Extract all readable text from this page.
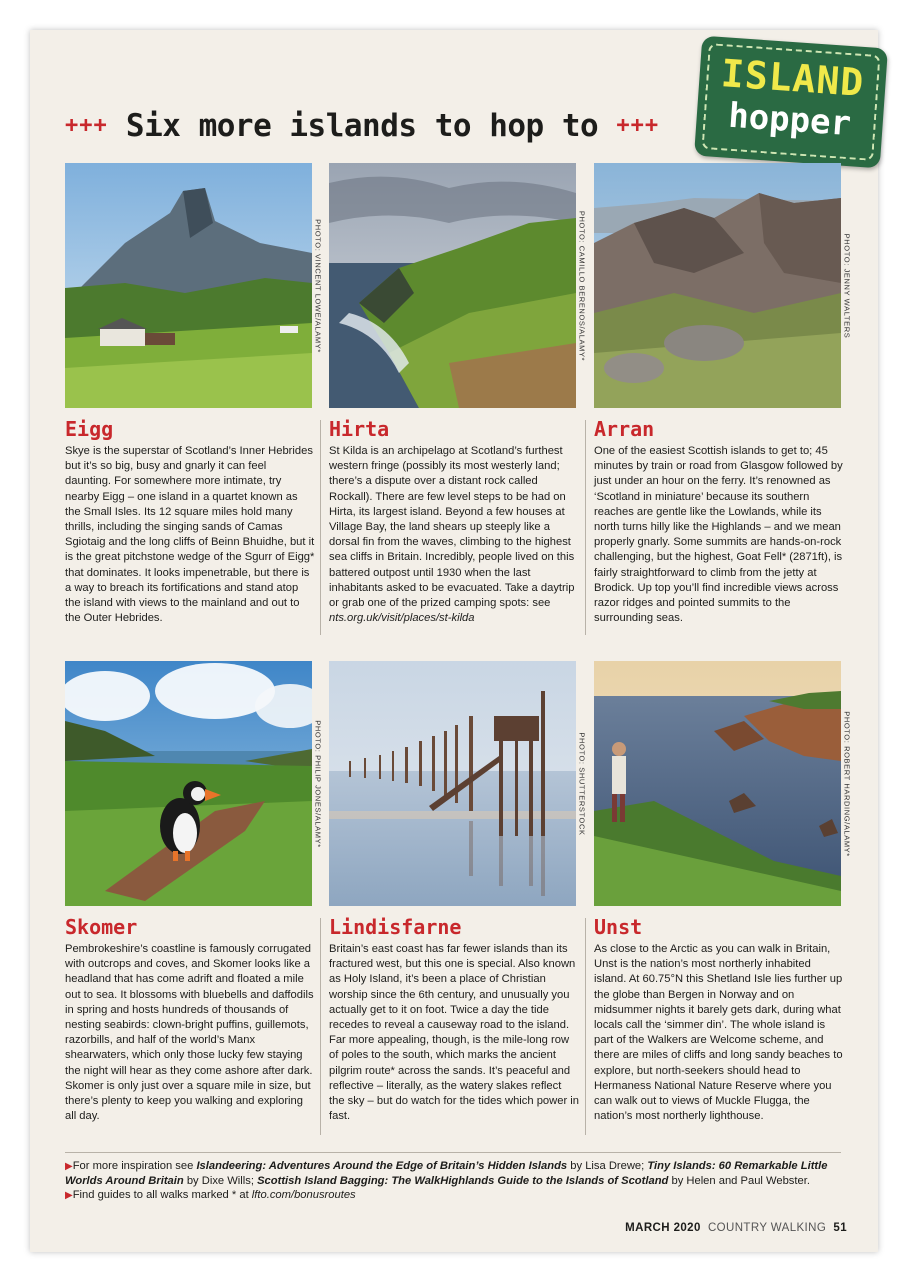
+++ Six more islands to hop to +++
ISLAND
hopper
PHOTO: VINCENT LOWE/ALAMY*	PHOTO: CAMILLO BERENOS/ALAMY*	PHOTO: JENNY WALTERS
Eigg

Skye is the superstar of Scotland’s Inner Hebrides but it’s so big, busy and gnarly it can feel daunting. For somewhere more intimate, try nearby Eigg – one island in a quartet known as the Small Isles. Its 12 square miles hold many thrills, including the singing sands of Camas Sgiotaig and the long cliffs of Beinn Bhuidhe, but it is the great pitchstone wedge of the Sgurr of Eigg* that dominates. It looks impenetrable, but there is a way to breach its fortifications and stand atop the island with views to the mainland and out to the Outer Hebrides.

Hirta

St Kilda is an archipelago at Scotland’s furthest western fringe (possibly its most westerly land; there’s a dispute over a distant rock called Rockall). There are few level steps to be had on Hirta, its largest island. Beyond a few houses at Village Bay, the land shears up steeply like a dorsal fin from the waves, climbing to the highest sea cliffs in Britain. Incredibly, people lived on this battered outpost until 1930 when the last inhabitants asked to be evacuated. Take a daytrip or grab one of the prized camping spots: see nts.org.uk/visit/places/st-kilda

Arran

One of the easiest Scottish islands to get to; 45 minutes by train or road from Glasgow followed by just under an hour on the ferry. It’s renowned as ‘Scotland in miniature’ because its southern reaches are gentle like the Lowlands, while its north turns hilly like the Highlands – and we mean properly gnarly. Some summits are hands-on-rock challenging, but the highest, Goat Fell* (2871ft), is fairly straightforward to climb from the jetty at Brodick. Up top you’ll find incredible views across razor ridges and pointed summits to the surrounding seas.

PHOTO: PHILIP JONES/ALAMY*	PHOTO: SHUTTERSTOCK	PHOTO: ROBERT HARDING/ALAMY*
Skomer

Pembrokeshire’s coastline is famously corrugated with outcrops and coves, and Skomer looks like a headland that has come adrift and floated a mile out to sea. It blossoms with bluebells and daffodils in spring and hosts hundreds of thousands of nesting seabirds: clown-bright puffins, guillemots, razorbills, and half of the world’s Manx shearwaters, which only those lucky few staying the night will hear as they come ashore after dark. Skomer is only just over a square mile in size, but there’s plenty to keep you walking and exploring all day.

Lindisfarne

Britain’s east coast has far fewer islands than its fractured west, but this one is special. Also known as Holy Island, it’s been a place of Christian worship since the 6th century, and unusually you actually get to it on foot. Twice a day the tide recedes to reveal a causeway road to the island. Far more appealing, though, is the mile-long row of poles to the south, which marks the ancient pilgrim route* across the sands. It’s peaceful and reflective – literally, as the watery slakes reflect the sky – but do watch for the tides which power in fast.

Unst

As close to the Arctic as you can walk in Britain, Unst is the nation’s most northerly inhabited island. At 60.75°N this Shetland Isle lies further up the globe than Bergen in Norway and on midsummer nights it barely gets dark, during what locals call the ‘simmer din’. The whole island is part of the Walkers are Welcome scheme, and there are miles of cliffs and long sandy beaches to explore, but north-seekers should head to Hermaness National Nature Reserve where you can walk out to views of Muckle Flugga, the nation’s most northerly lighthouse.

▶For more inspiration see Islandeering: Adventures Around the Edge of Britain’s Hidden Islands by Lisa Drewe; Tiny Islands: 60 Remarkable Little Worlds Around Britain by Dixe Wills; Scottish Island Bagging: The WalkHighlands Guide to the Islands of Scotland by Helen and Paul Webster.
▶Find guides to all walks marked * at lfto.com/bonusroutes
MARCH 2020 COUNTRY WALKING 51
